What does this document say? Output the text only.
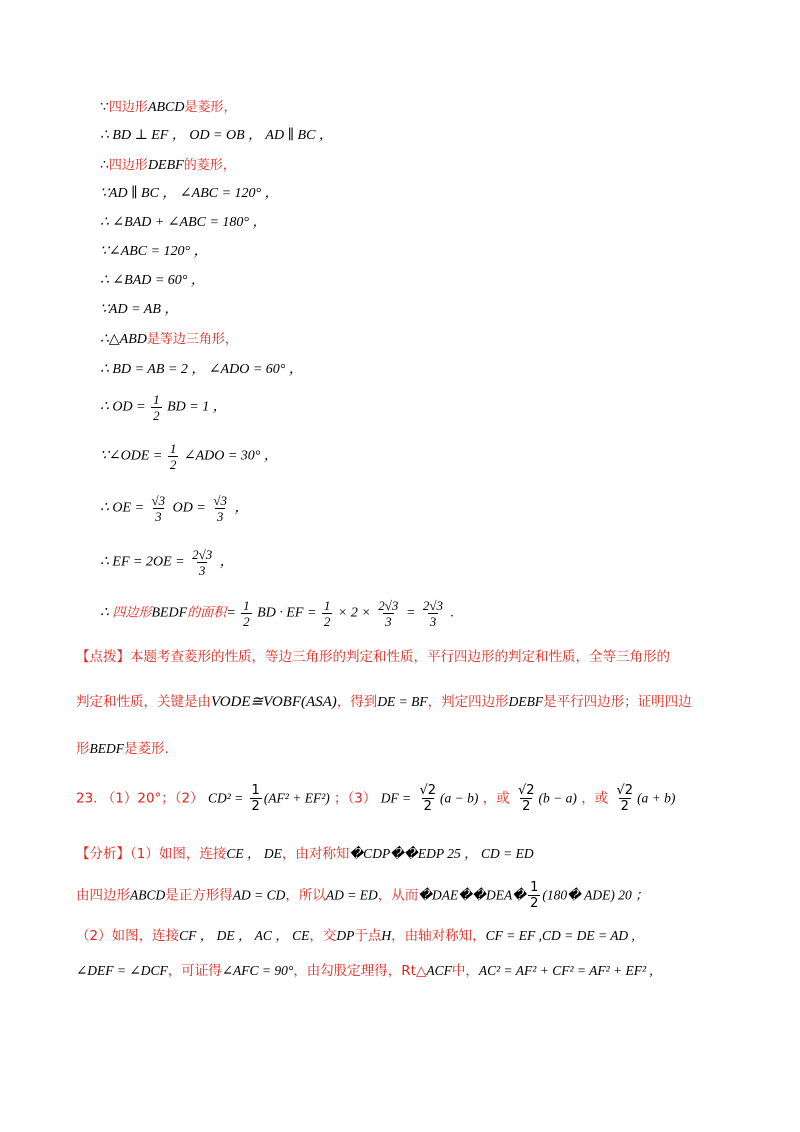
∵四边形ABCD是菱形，
∴ BD ⊥ EF ， OD = OB ， AD ∥ BC ，
∴四边形DEBF的菱形，
∵AD ∥ BC ， ∠ABC = 120° ，
∴ ∠BAD + ∠ABC = 180° ，
∵∠ABC = 120° ，
∴ ∠BAD = 60° ，
∵AD = AB ，
∴△ABD是等边三角形，
∴ BD = AB = 2 ， ∠ADO = 60° ，
∴ OD = $\frac{1}{2}$ BD = 1 ，
∵∠ODE = $\frac{1}{2}$ ∠ADO = 30° ，
∴ OE = $\frac{√3}{3}$ OD = $\frac{√3}{3}$ ，
∴ EF = $2OE = \frac{2√3}{3}$ ，
∴ 四边形BEDF的面积= $\frac{1}{2}$ BD · EF = $\frac{1}{2} \times 2 \times \frac{2√3}{3} = \frac{2√3}{3}$ .
【点拨】本题考查菱形的性质，等边三角形的判定和性质，平行四边形的判定和性质，全等三角形的
判定和性质，关键是由VODE≅VOBF(ASA)，得到DE = BF，判定四边形DEBF是平行四边形；证明四边
形BEDF是菱形.
23. （1）20°；（2） $CD^2 = \frac{1}{2} (AF^2 + EF^2)$ ；（3） DF = $\frac{√2}{2} (a - b)$ ，或 $\frac{√2}{2} (b - a)$ ，或 $\frac{√2}{2} (a + b)$
【分析】（1）如图，连接CE ， DE，由对称知�CDP��EDP 25 ， CD = ED
由四边形ABCD是正方形得AD = CD，所以AD = ED，从而�DAE��DEA� $\frac{1}{2}$ (180� ADE) 20 ；
（2）如图，连接CF ， DE ， AC ， CE，交DP于点H，由轴对称知，CF = EF ,CD = DE = AD ,
∠DEF = ∠DCF，可证得∠AFC = 90°，由勾股定理得，Rt△ACF中，AC² = AF² + CF² = AF² + EF² ,
